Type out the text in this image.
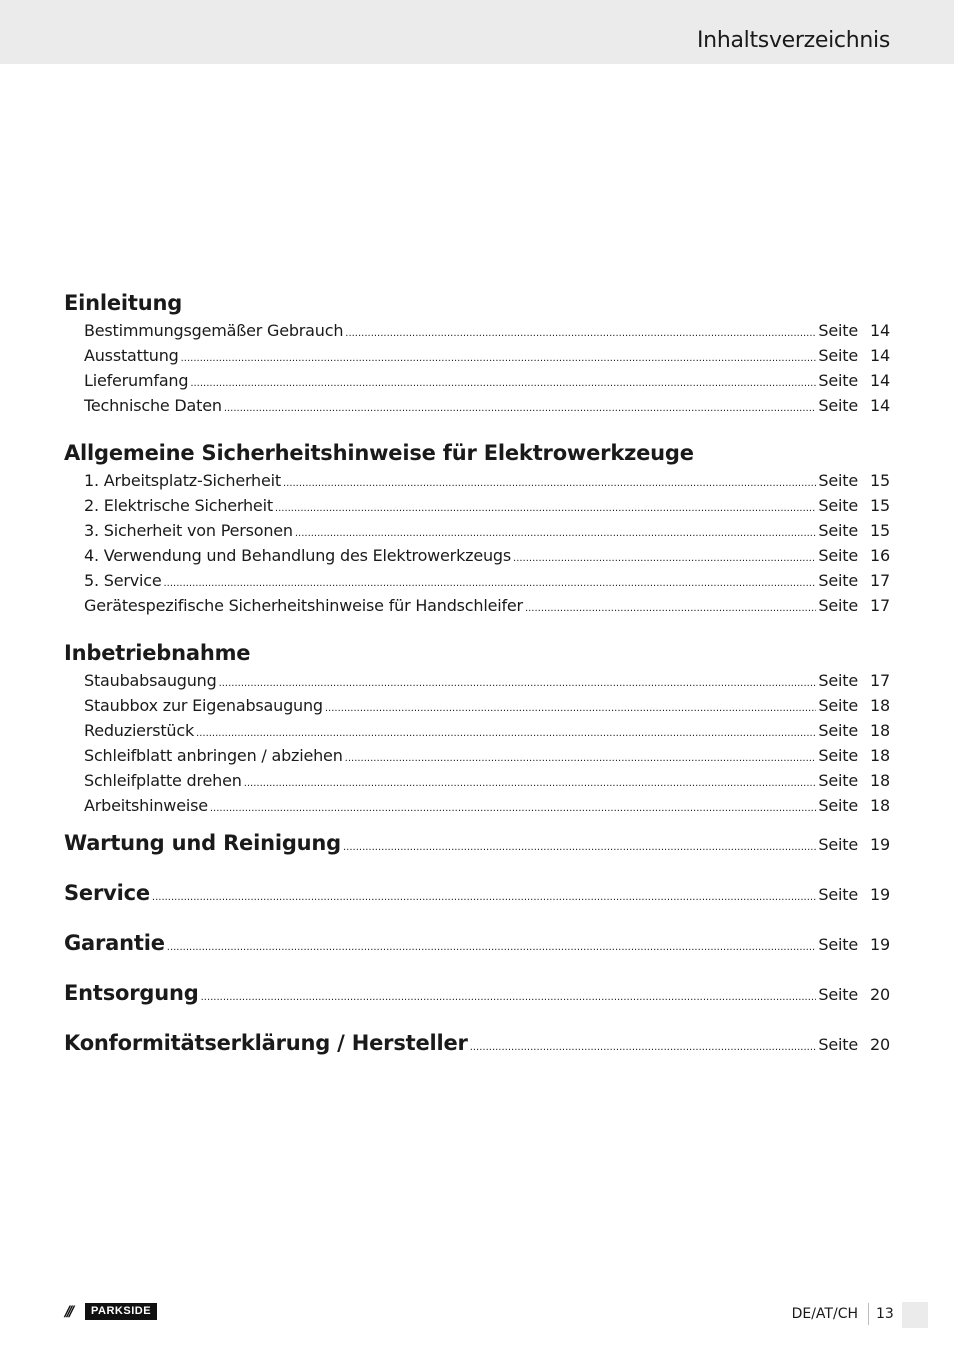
Inhaltsverzeichnis
Einleitung
Bestimmungsgemäßer Gebrauch .....	Seite 14
Ausstattung .....	Seite 14
Lieferumfang .....	Seite 14
Technische Daten .....	Seite 14
Allgemeine Sicherheitshinweise für Elektrowerkzeuge
1. Arbeitsplatz-Sicherheit .....	Seite 15
2. Elektrische Sicherheit .....	Seite 15
3. Sicherheit von Personen .....	Seite 15
4. Verwendung und Behandlung des Elektrowerkzeugs .....	Seite 16
5. Service .....	Seite 17
Gerätespezifische Sicherheitshinweise für Handschleifer .....	Seite 17
Inbetriebnahme
Staubabsaugung .....	Seite 17
Staubbox zur Eigenabsaugung .....	Seite 18
Reduzierstück .....	Seite 18
Schleifblatt anbringen / abziehen .....	Seite 18
Schleifplatte drehen .....	Seite 18
Arbeitshinweise .....	Seite 18
Wartung und Reinigung .....	Seite 19
Service .....	Seite 19
Garantie .....	Seite 19
Entsorgung .....	Seite 20
Konformitätserklärung / Hersteller .....	Seite 20
///	PARKSIDE	DE/AT/CH 13
